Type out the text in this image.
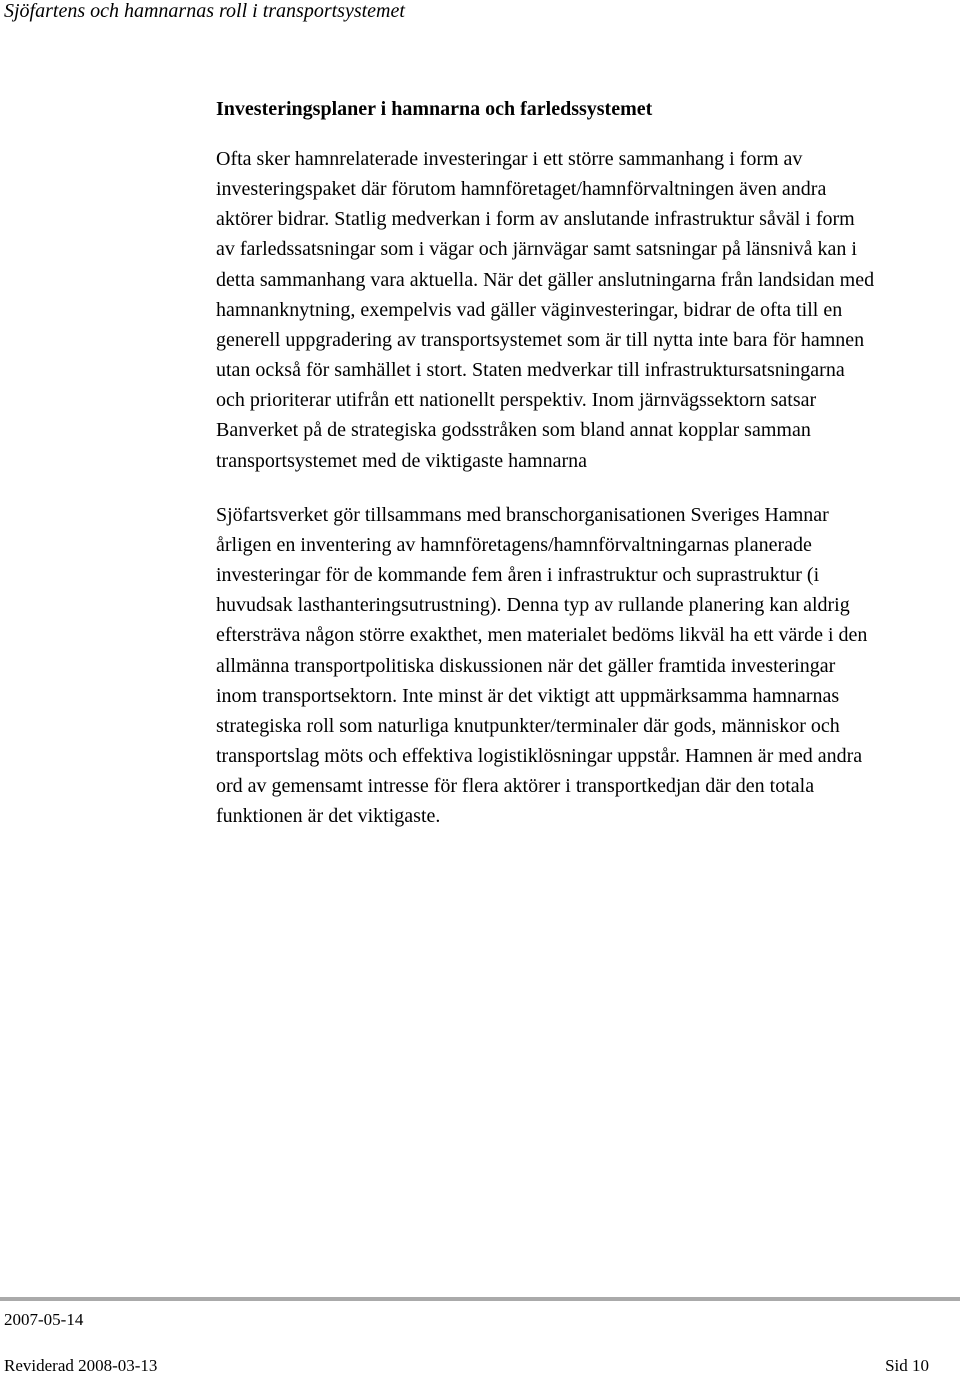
Sjöfartens och hamnarnas roll i transportsystemet
Investeringsplaner i hamnarna och farledssystemet

Ofta sker hamnrelaterade investeringar i ett större sammanhang i form av
investeringspaket där förutom hamnföretaget/hamnförvaltningen även andra
aktörer bidrar. Statlig medverkan i form av anslutande infrastruktur såväl i form
av farledssatsningar som i vägar och järnvägar samt satsningar på länsnivå kan i
detta sammanhang vara aktuella. När det gäller anslutningarna från landsidan med
hamnanknytning, exempelvis vad gäller väginvesteringar, bidrar de ofta till en
generell uppgradering av transportsystemet som är till nytta inte bara för hamnen
utan också för samhället i stort. Staten medverkar till infrastruktursatsningarna
och prioriterar utifrån ett nationellt perspektiv. Inom järnvägssektorn satsar
Banverket på de strategiska godsstråken som bland annat kopplar samman
transportsystemet med de viktigaste hamnarna

Sjöfartsverket gör tillsammans med branschorganisationen Sveriges Hamnar
årligen en inventering av hamnföretagens/hamnförvaltningarnas planerade
investeringar för de kommande fem åren i infrastruktur och suprastruktur (i
huvudsak lasthanteringsutrustning). Denna typ av rullande planering kan aldrig
eftersträva någon större exakthet, men materialet bedöms likväl ha ett värde i den
allmänna transportpolitiska diskussionen när det gäller framtida investeringar
inom transportsektorn. Inte minst är det viktigt att uppmärksamma hamnarnas
strategiska roll som naturliga knutpunkter/terminaler där gods, människor och
transportslag möts och effektiva logistiklösningar uppstår. Hamnen är med andra
ord av gemensamt intresse för flera aktörer i transportkedjan där den totala
funktionen är det viktigaste.

2007-05-14
Reviderad 2008-03-13	Sid 10
